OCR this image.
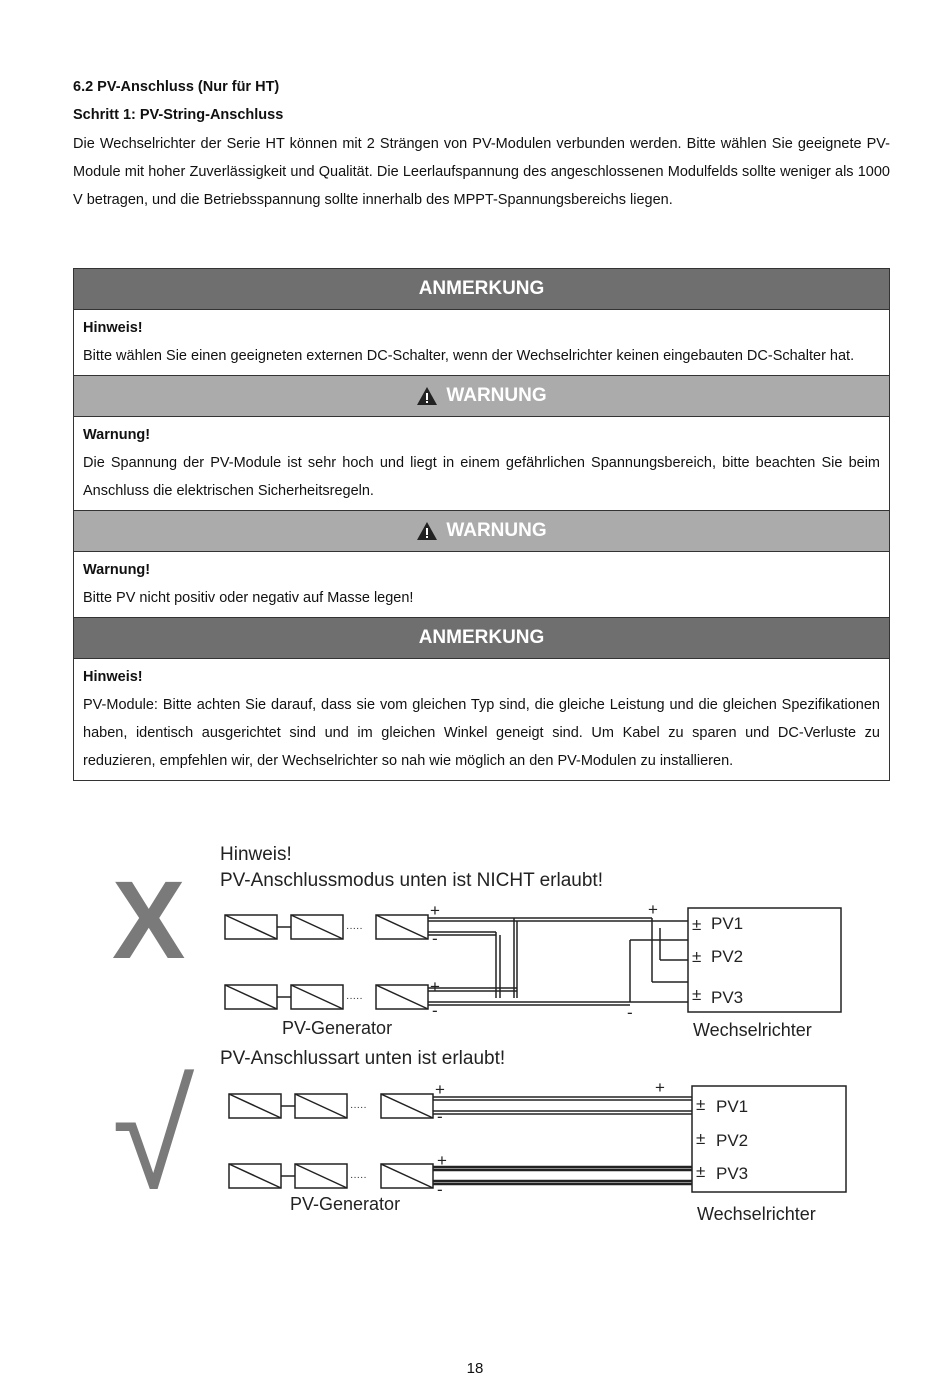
6.2 PV-Anschluss (Nur für HT)
Schritt 1: PV-String-Anschluss
Die Wechselrichter der Serie HT können mit 2 Strängen von PV-Modulen verbunden werden. Bitte wählen Sie geeignete PV-Module mit hoher Zuverlässigkeit und Qualität. Die Leerlaufspannung des angeschlossenen Modulfelds sollte weniger als 1000 V betragen, und die Betriebsspannung sollte innerhalb des MPPT-Spannungsbereichs liegen.
ANMERKUNG
Hinweis!
Bitte wählen Sie einen geeigneten externen DC-Schalter, wenn der Wechselrichter keinen eingebauten DC-Schalter hat.
WARNUNG
Warnung!
Die Spannung der PV-Module ist sehr hoch und liegt in einem gefährlichen Spannungsbereich, bitte beachten Sie beim Anschluss die elektrischen Sicherheitsregeln.
WARNUNG
Warnung!
Bitte PV nicht positiv oder negativ auf Masse legen!
ANMERKUNG
Hinweis!
PV-Module: Bitte achten Sie darauf, dass sie vom gleichen Typ sind, die gleiche Leistung und die gleichen Spezifikationen haben, identisch ausgerichtet sind und im gleichen Winkel geneigt sind. Um Kabel zu sparen und DC-Verluste zu reduzieren, empfehlen wir, der Wechselrichter so nah wie möglich an den PV-Modulen zu installieren.
X
Hinweis!
PV-Anschlussmodus unten ist NICHT erlaubt!
·····
+
-
·····
+
-
+
-
± PV1
± PV2
± PV3
PV-Generator	Wechselrichter
√ PV-Anschlussart unten ist erlaubt!
·····
+
-
·····
+
-
+
± PV1
± PV2
± PV3
PV-Generator	Wechselrichter
18
